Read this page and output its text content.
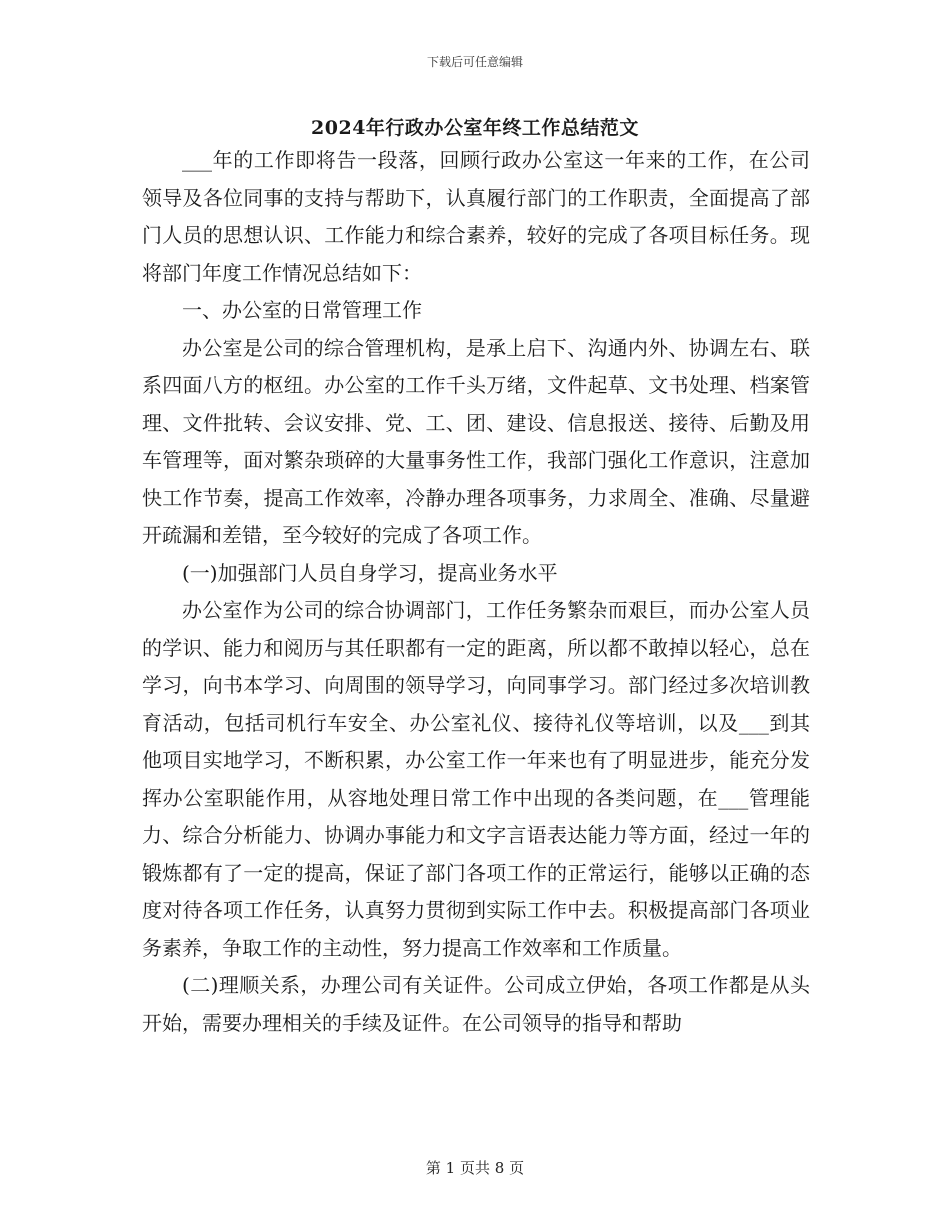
下载后可任意编辑
2024年行政办公室年终工作总结范文

___年的工作即将告一段落，回顾行政办公室这一年来的工作，在公司领导及各位同事的支持与帮助下，认真履行部门的工作职责，全面提高了部门人员的思想认识、工作能力和综合素养，较好的完成了各项目标任务。现将部门年度工作情况总结如下：

一、办公室的日常管理工作

办公室是公司的综合管理机构，是承上启下、沟通内外、协调左右、联系四面八方的枢纽。办公室的工作千头万绪，文件起草、文书处理、档案管理、文件批转、会议安排、党、工、团、建设、信息报送、接待、后勤及用车管理等，面对繁杂琐碎的大量事务性工作，我部门强化工作意识，注意加快工作节奏，提高工作效率，冷静办理各项事务，力求周全、准确、尽量避开疏漏和差错，至今较好的完成了各项工作。

(一)加强部门人员自身学习，提高业务水平

办公室作为公司的综合协调部门，工作任务繁杂而艰巨，而办公室人员的学识、能力和阅历与其任职都有一定的距离，所以都不敢掉以轻心，总在学习，向书本学习、向周围的领导学习，向同事学习。部门经过多次培训教育活动，包括司机行车安全、办公室礼仪、接待礼仪等培训，以及___到其他项目实地学习，不断积累，办公室工作一年来也有了明显进步，能充分发挥办公室职能作用，从容地处理日常工作中出现的各类问题，在___管理能力、综合分析能力、协调办事能力和文字言语表达能力等方面，经过一年的锻炼都有了一定的提高，保证了部门各项工作的正常运行，能够以正确的态度对待各项工作任务，认真努力贯彻到实际工作中去。积极提高部门各项业务素养，争取工作的主动性，努力提高工作效率和工作质量。

(二)理顺关系，办理公司有关证件。公司成立伊始，各项工作都是从头开始，需要办理相关的手续及证件。在公司领导的指导和帮助

第 1 页共 8 页
